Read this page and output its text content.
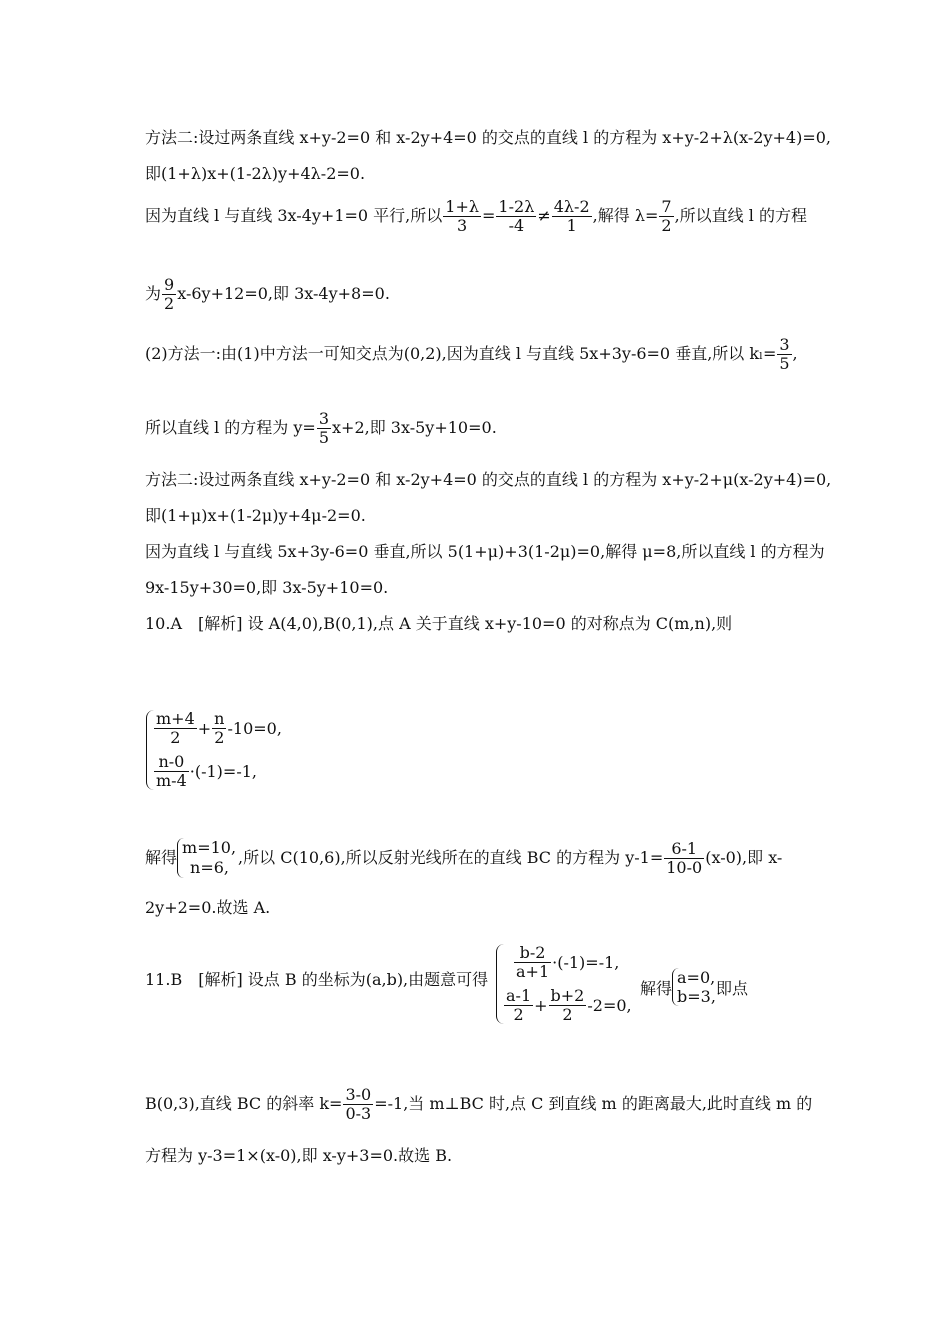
方法二:设过两条直线 x+y-2=0 和 x-2y+4=0 的交点的直线 l 的方程为 x+y-2+λ(x-2y+4)=0,
即(1+λ)x+(1-2λ)y+4λ-2=0.
因为直线 l 与直线 3x-4y+1=0 平行,所以 $\frac{1+\lambda}{3} = \frac{1-2\lambda}{-4} \ne \frac{4\lambda-2}{1}$ ,解得 $\lambda= \frac{7}{2}$ ,所以直线 l 的方程
为 $\frac{9}{2} x-6y+12=0$,即 3x-4y+8=0.
(2)方法一:由(1)中方法一可知交点为(0,2),因为直线 l 与直线 5x+3y-6=0 垂直,所以 $k_l= \frac{3}{5}$ ,
所以直线 l 的方程为 $y= \frac{3}{5} x+2$,即 3x-5y+10=0.
方法二:设过两条直线 x+y-2=0 和 x-2y+4=0 的交点的直线 l 的方程为 x+y-2+μ(x-2y+4)=0,
即(1+μ)x+(1-2μ)y+4μ-2=0.
因为直线 l 与直线 5x+3y-6=0 垂直,所以 5(1+μ)+3(1-2μ)=0,解得 μ=8,所以直线 l 的方程为
9x-15y+30=0,即 3x-5y+10=0.
10.A　[解析] 设 A(4,0),B(0,1),点 A 关于直线 x+y-10=0 的对称点为 C(m,n),则
$\frac{m+4}{2} + \frac{n}{2} -10=0$,
$\frac{n-0}{m-4} \cdot(-1)=-1$,
解得
m=10,
n=6,
,所以 C(10,6),所以反射光线所在的直线 BC 的方程为 $y-1= \frac{6-1}{10-0} (x-0)$,即 x-
2y+2=0.故选 A.
11.B　[解析] 设点 B 的坐标为(a,b),由题意可得 $\frac{b-2}{a+1} \cdot(-1)=-1$,
$\frac{a-1}{2} + \frac{b+2}{2} -2=0$,
解得
a=0,
b=3, 即点
B(0,3),直线 BC 的斜率 $k= \frac{3-0}{0-3} =-1$,当 m⊥BC 时,点 C 到直线 m 的距离最大,此时直线 m 的
方程为 y-3=1×(x-0),即 x-y+3=0.故选 B.
